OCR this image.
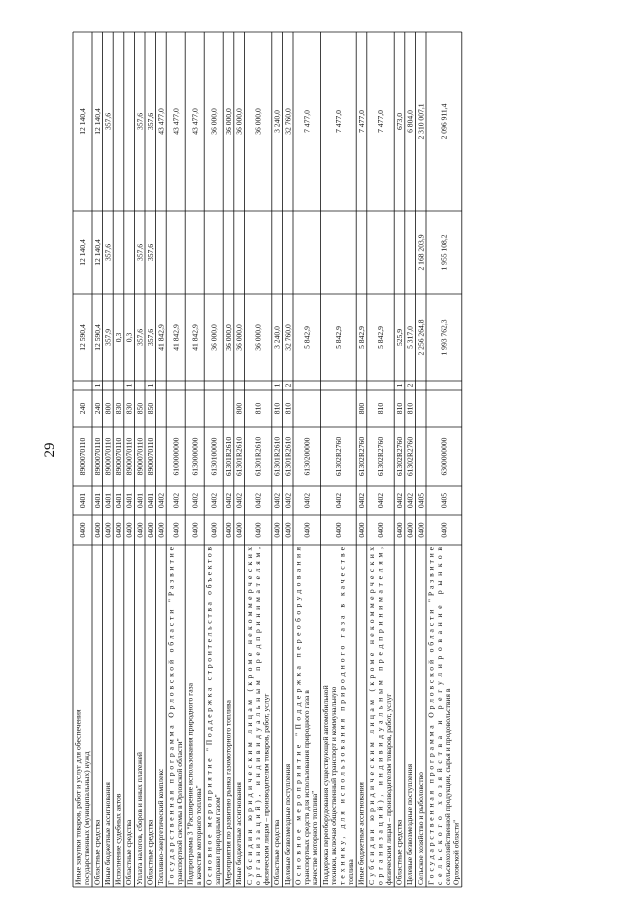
29
Иные закупки товаров, работ и услуг для обеспечения государственных (муниципальных) нужд
0400
0401
8900070110
240
12 590,4
12 140,4
12 140,4
Областные средства
0400
0401
8900070110
240
1
12 590,4
12 140,4
12 140,4
Иные бюджетные ассигнования
0400
0401
8900070110
800
357,9
357,6
357,6
Исполнение судебных актов
0400
0401
8900070110
830
0,3
Областные средства
0400
0401
8900070110
830
1
0,3
Уплата налогов, сборов и иных платежей
0400
0401
8900070110
850
357,6
357,6
357,6
Областные средства
0400
0401
8900070110
850
1
357,6
357,6
357,6
Топливно-энергетический комплекс
0400
0402
41 842,9
43 477,0
Государственная программа Орловской области "Развитие
транспортной системы в Орловской области"
0400
0402
6100000000
41 842,9
43 477,0
Подпрограмма 3 "Расширение использования природного газа в качестве моторного топлива"
0400
0402
6130000000
41 842,9
43 477,0
Основное мероприятие "Поддержка строительства объектов
заправки природным газом"
0400
0402
6130100000
36 000,0
36 000,0
Мероприятия по развитию рынка газомоторного топлива
0400
0402
61301R2610
36 000,0
36 000,0
Иные бюджетные ассигнования
0400
0402
61301R2610
800
36 000,0
36 000,0
Субсидии юридическим лицам (кроме некоммерческих
организаций), индивидуальным предпринимателям,
физическим лицам – производителям товаров, работ, услуг
0400
0402
61301R2610
810
36 000,0
36 000,0
Областные средства
0400
0402
61301R2610
810
1
3 240,0
3 240,0
Целевые безвозмездные поступления
0400
0402
61301R2610
810
2
32 760,0
32 760,0
Основное мероприятие "Поддержка переоборудования
транспортных средств для использования природного газа в качестве моторного топлива"
0400
0402
6130200000
5 842,9
7 477,0
Поддержка переоборудования существующей автомобильной техники, включая общественный транспорт и коммунальную технику, для использования природного газа в качестве
топлива
0400
0402
61302R2760
5 842,9
7 477,0
Иные бюджетные ассигнования
0400
0402
61302R2760
800
5 842,9
7 477,0
Субсидии юридическим лицам (кроме некоммерческих
организаций), индивидуальным предпринимателям,
физическим лицам – производителям товаров, работ, услуг
0400
0402
61302R2760
810
5 842,9
7 477,0
Областные средства
0400
0402
61302R2760
810
1
525,9
673,0
Целевые безвозмездные поступления
0400
0402
61302R2760
810
2
5 317,0
6 804,0
Сельское хозяйство и рыболовство
0400
0405
2 256 264,8
2 168 203,9
2 310 007,1
Государственная программа Орловской области "Развитие
сельского хозяйства и регулирование рынков
сельскохозяйственной продукции, сырья и продовольствия в Орловской области"
0400
0405
6300000000
1 993 762,3
1 955 108,2
2 096 911,4
